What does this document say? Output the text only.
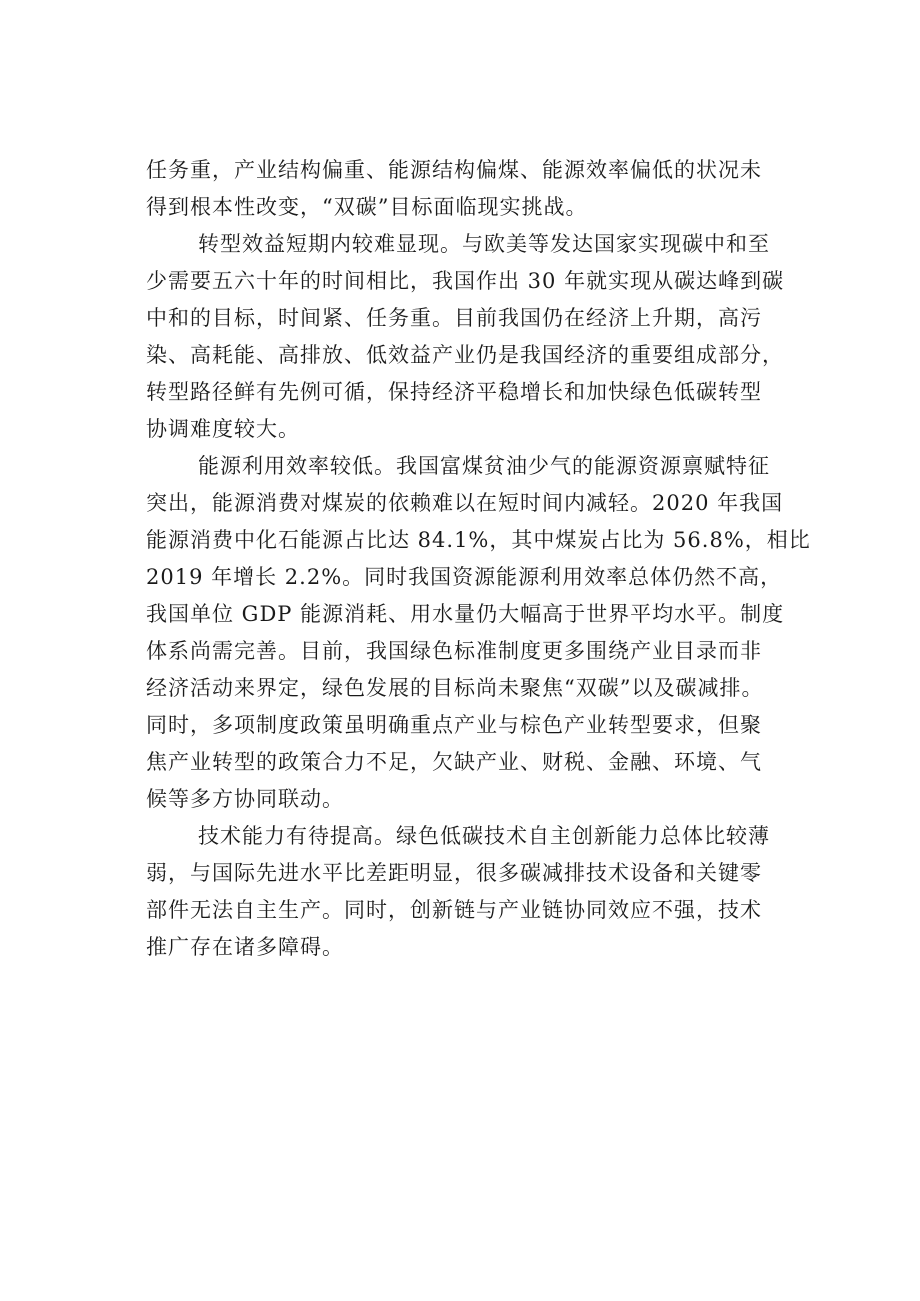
任务重，产业结构偏重、能源结构偏煤、能源效率偏低的状况未
得到根本性改变，“双碳”目标面临现实挑战。
转型效益短期内较难显现。与欧美等发达国家实现碳中和至
少需要五六十年的时间相比，我国作出 30 年就实现从碳达峰到碳
中和的目标，时间紧、任务重。目前我国仍在经济上升期，高污
染、高耗能、高排放、低效益产业仍是我国经济的重要组成部分，
转型路径鲜有先例可循，保持经济平稳增长和加快绿色低碳转型
协调难度较大。
能源利用效率较低。我国富煤贫油少气的能源资源禀赋特征
突出，能源消费对煤炭的依赖难以在短时间内减轻。2020 年我国
能源消费中化石能源占比达 84.1%，其中煤炭占比为 56.8%，相比
2019 年增长 2.2%。同时我国资源能源利用效率总体仍然不高，
我国单位 GDP 能源消耗、用水量仍大幅高于世界平均水平。制度
体系尚需完善。目前，我国绿色标准制度更多围绕产业目录而非
经济活动来界定，绿色发展的目标尚未聚焦“双碳”以及碳减排。
同时，多项制度政策虽明确重点产业与棕色产业转型要求，但聚
焦产业转型的政策合力不足，欠缺产业、财税、金融、环境、气
候等多方协同联动。
技术能力有待提高。绿色低碳技术自主创新能力总体比较薄
弱，与国际先进水平比差距明显，很多碳减排技术设备和关键零
部件无法自主生产。同时，创新链与产业链协同效应不强，技术
推广存在诸多障碍。
